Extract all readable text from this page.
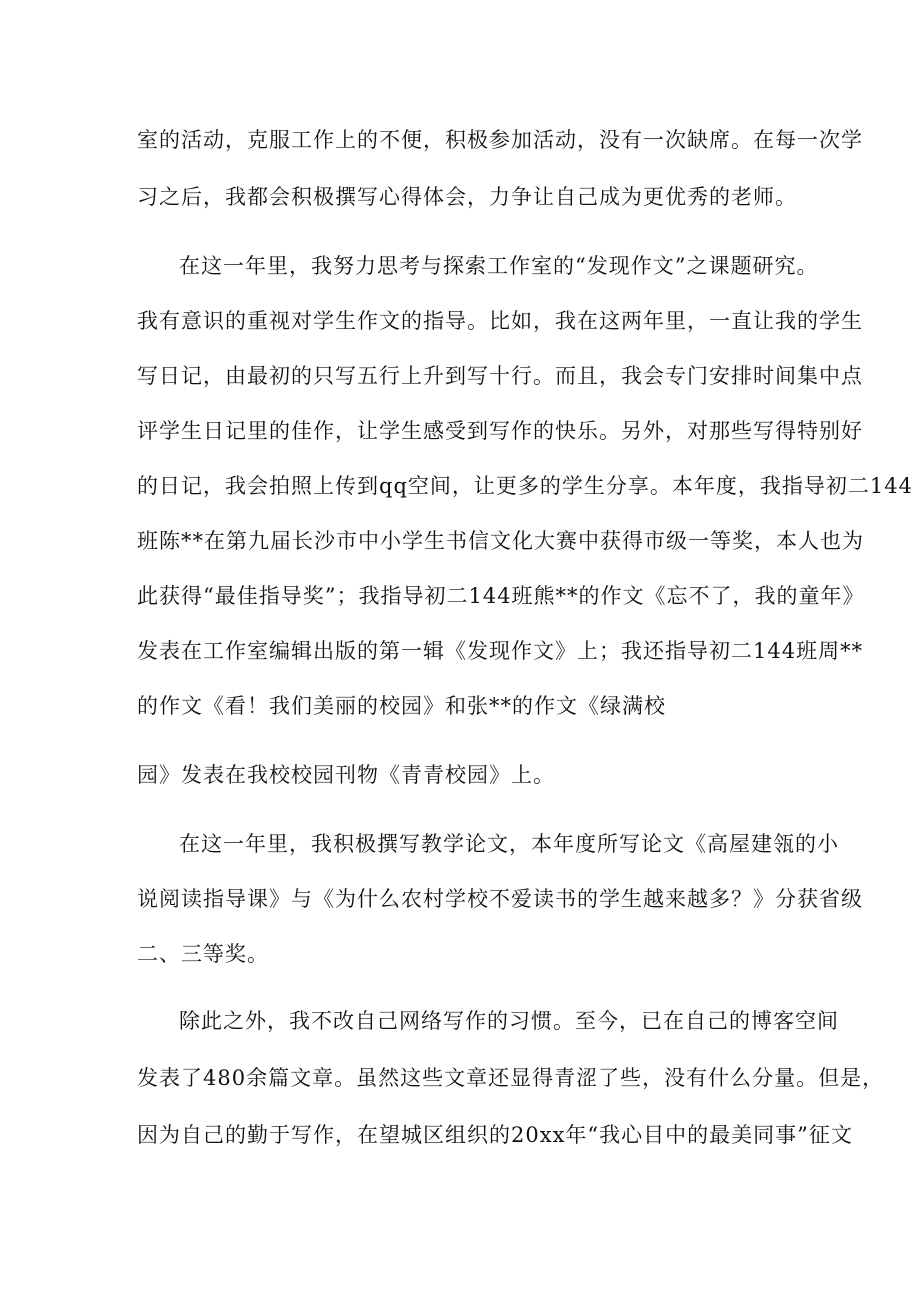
室的活动，克服工作上的不便，积极参加活动，没有一次缺席。在每一次学

习之后，我都会积极撰写心得体会，力争让自己成为更优秀的老师。

在这一年里，我努力思考与探索工作室的“发现作文”之课题研究。

我有意识的重视对学生作文的指导。比如，我在这两年里，一直让我的学生

写日记，由最初的只写五行上升到写十行。而且，我会专门安排时间集中点

评学生日记里的佳作，让学生感受到写作的快乐。另外，对那些写得特别好

的日记，我会拍照上传到qq空间，让更多的学生分享。本年度，我指导初二144

班陈**在第九届长沙市中小学生书信文化大赛中获得市级一等奖，本人也为

此获得“最佳指导奖”；我指导初二144班熊**的作文《忘不了，我的童年》

发表在工作室编辑出版的第一辑《发现作文》上；我还指导初二144班周**

的作文《看！我们美丽的校园》和张**的作文《绿满校

园》发表在我校校园刊物《青青校园》上。

在这一年里，我积极撰写教学论文，本年度所写论文《高屋建瓴的小

说阅读指导课》与《为什么农村学校不爱读书的学生越来越多？》分获省级

二、三等奖。

除此之外，我不改自己网络写作的习惯。至今，已在自己的博客空间

发表了480余篇文章。虽然这些文章还显得青涩了些，没有什么分量。但是，

因为自己的勤于写作，在望城区组织的20xx年“我心目中的最美同事”征文
